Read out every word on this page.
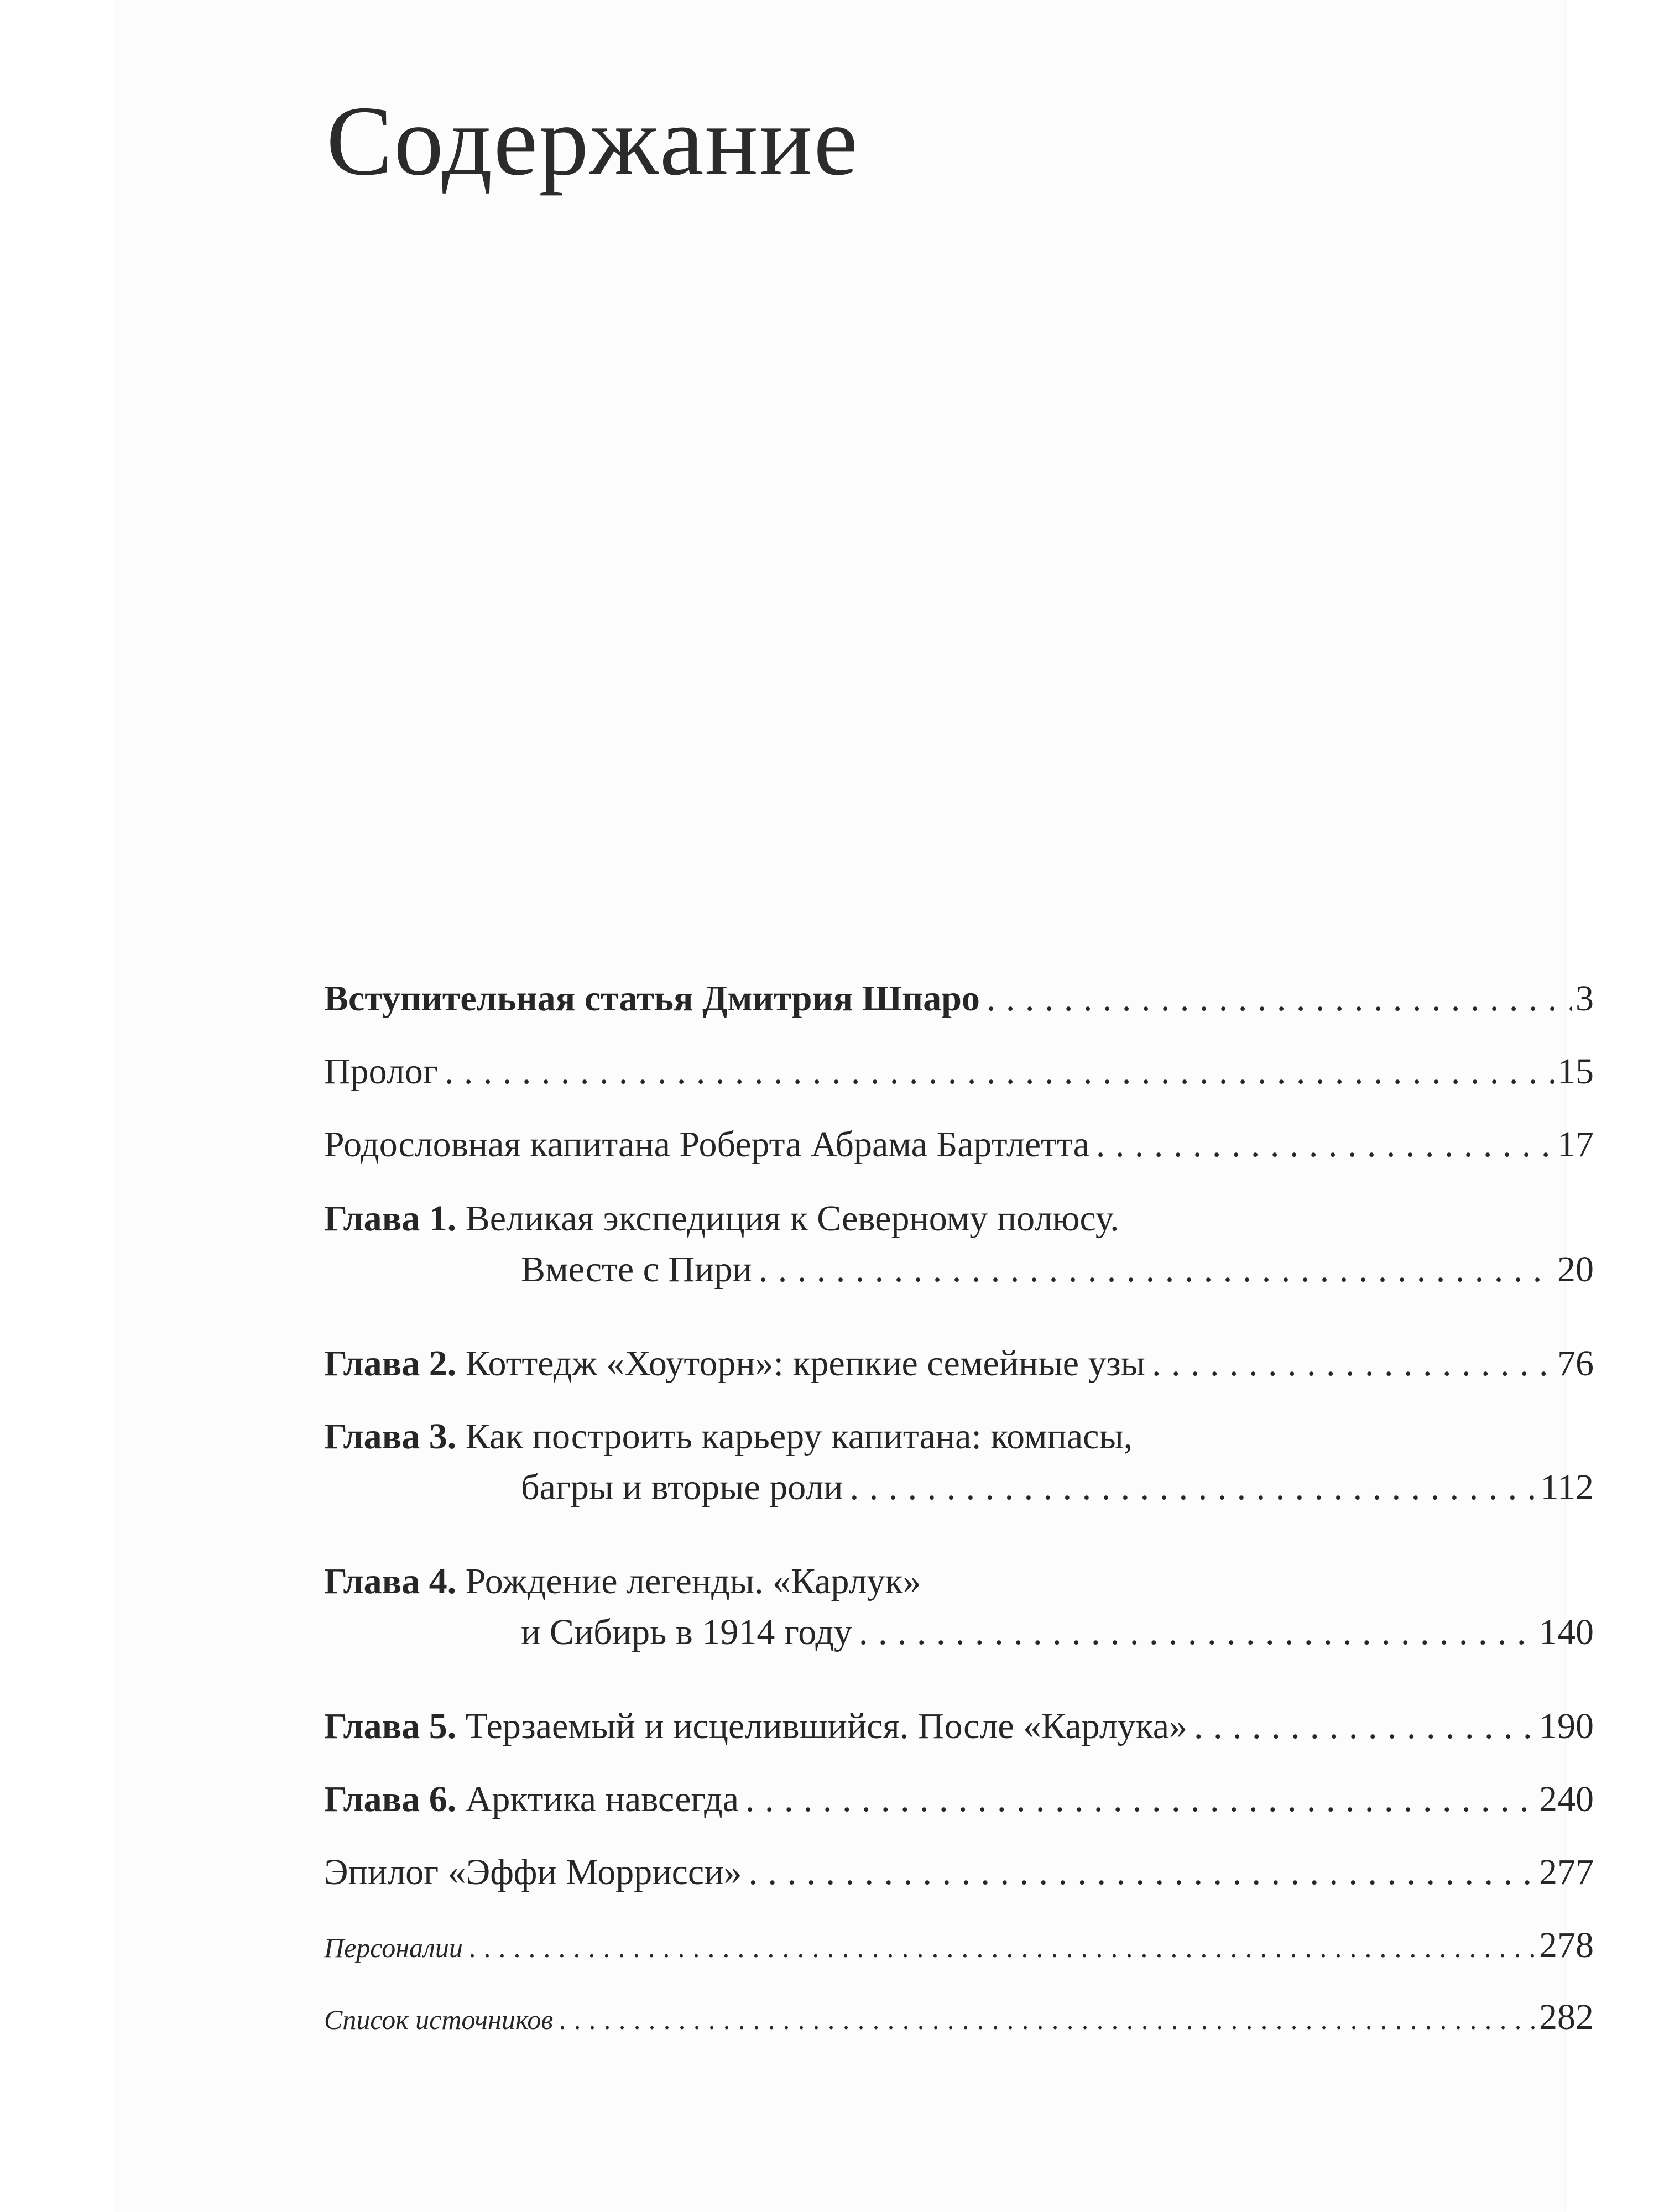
Содержание
Вступительная статья Дмитрия Шпаро . . .	3
Пролог . . .	15
Родословная капитана Роберта Абрама Бартлетта . . .	17
Глава 1. Великая экспедиция к Северному полюсу.
Вместе с Пири . . .	20
Глава 2. Коттедж «Хоуторн»: крепкие семейные узы . . .	76
Глава 3. Как построить карьеру капитана: компасы,
багры и вторые роли . . .	112
Глава 4. Рождение легенды. «Карлук»
и Сибирь в 1914 году . . .	140
Глава 5. Терзаемый и исцелившийся. После «Карлука» . . .	190
Глава 6. Арктика навсегда . . .	240
Эпилог «Эффи Моррисси» . . .	277
Персоналии . . .	278
Список источников . . .	282
